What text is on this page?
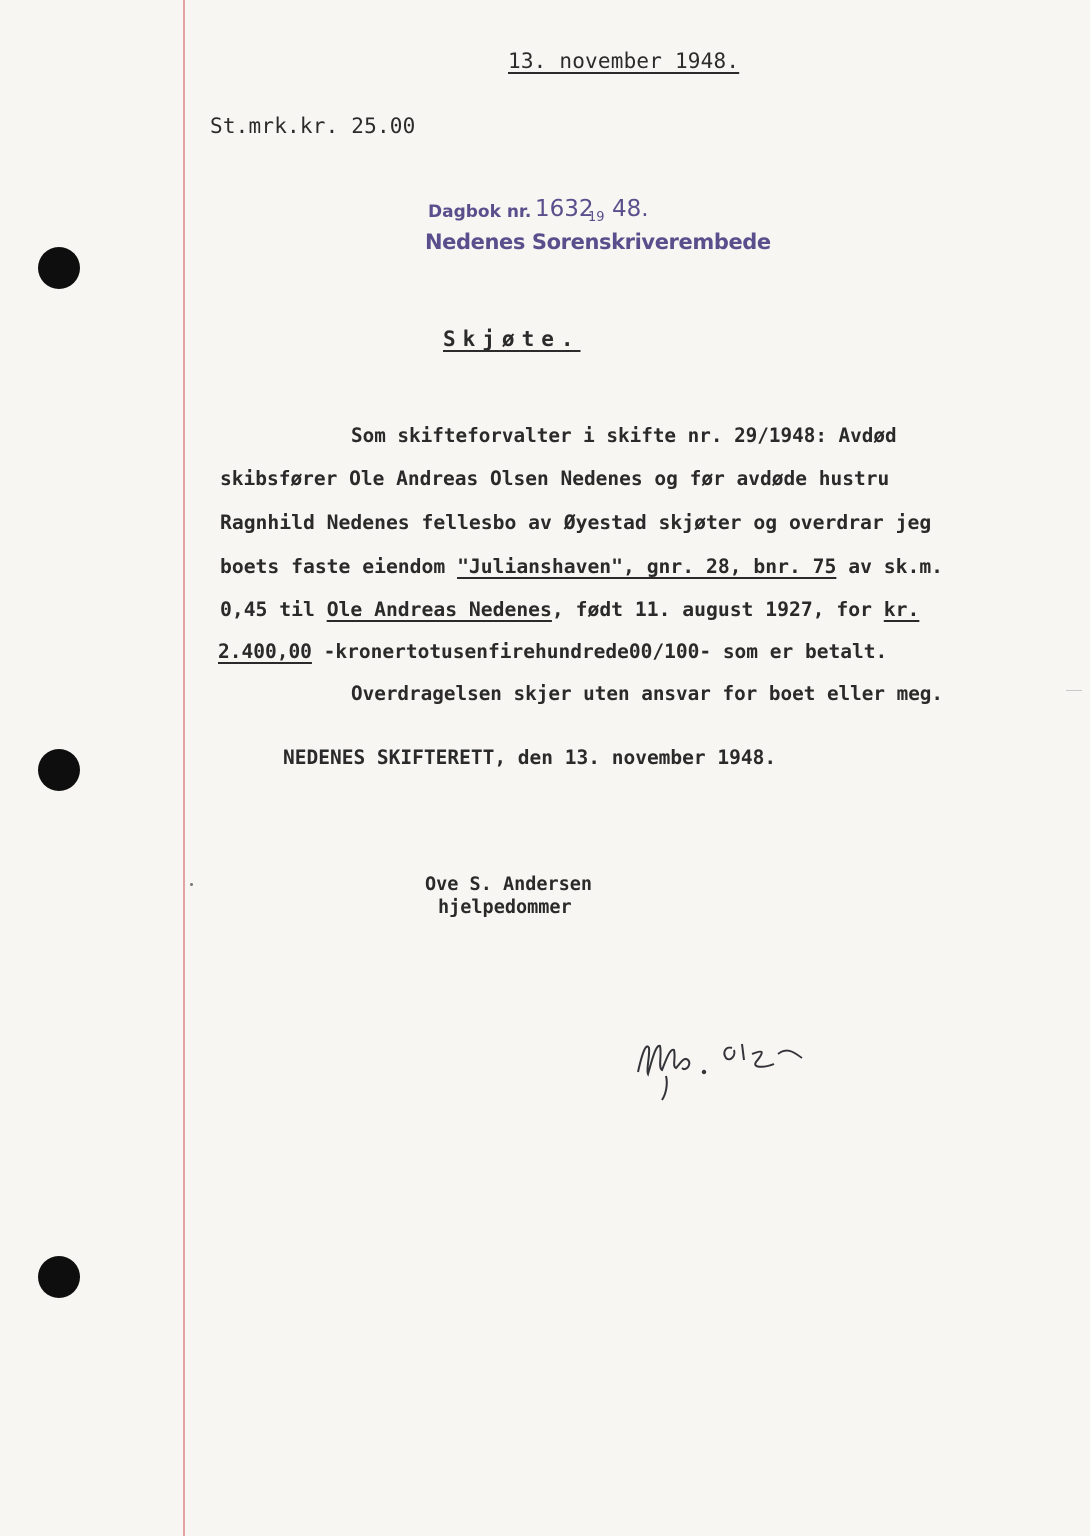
13. november 1948.
St.mrk.kr. 25.00
Dagbok nr. 1632
19 48.
Nedenes Sorenskriverembede
Skjøte.
Som skifteforvalter i skifte nr. 29/1948: Avdød
skibsfører Ole Andreas Olsen Nedenes og før avdøde hustru
Ragnhild Nedenes fellesbo av Øyestad skjøter og overdrar jeg
boets faste eiendom "Julianshaven", gnr. 28, bnr. 75 av sk.m.
0,45 til Ole Andreas Nedenes, født 11. august 1927, for kr.
2.400,00 -kronertotusenfirehundrede00/100- som er betalt.
Overdragelsen skjer uten ansvar for boet eller meg.
NEDENES SKIFTERETT, den 13. november 1948.
Ove S. Andersen
hjelpedommer
